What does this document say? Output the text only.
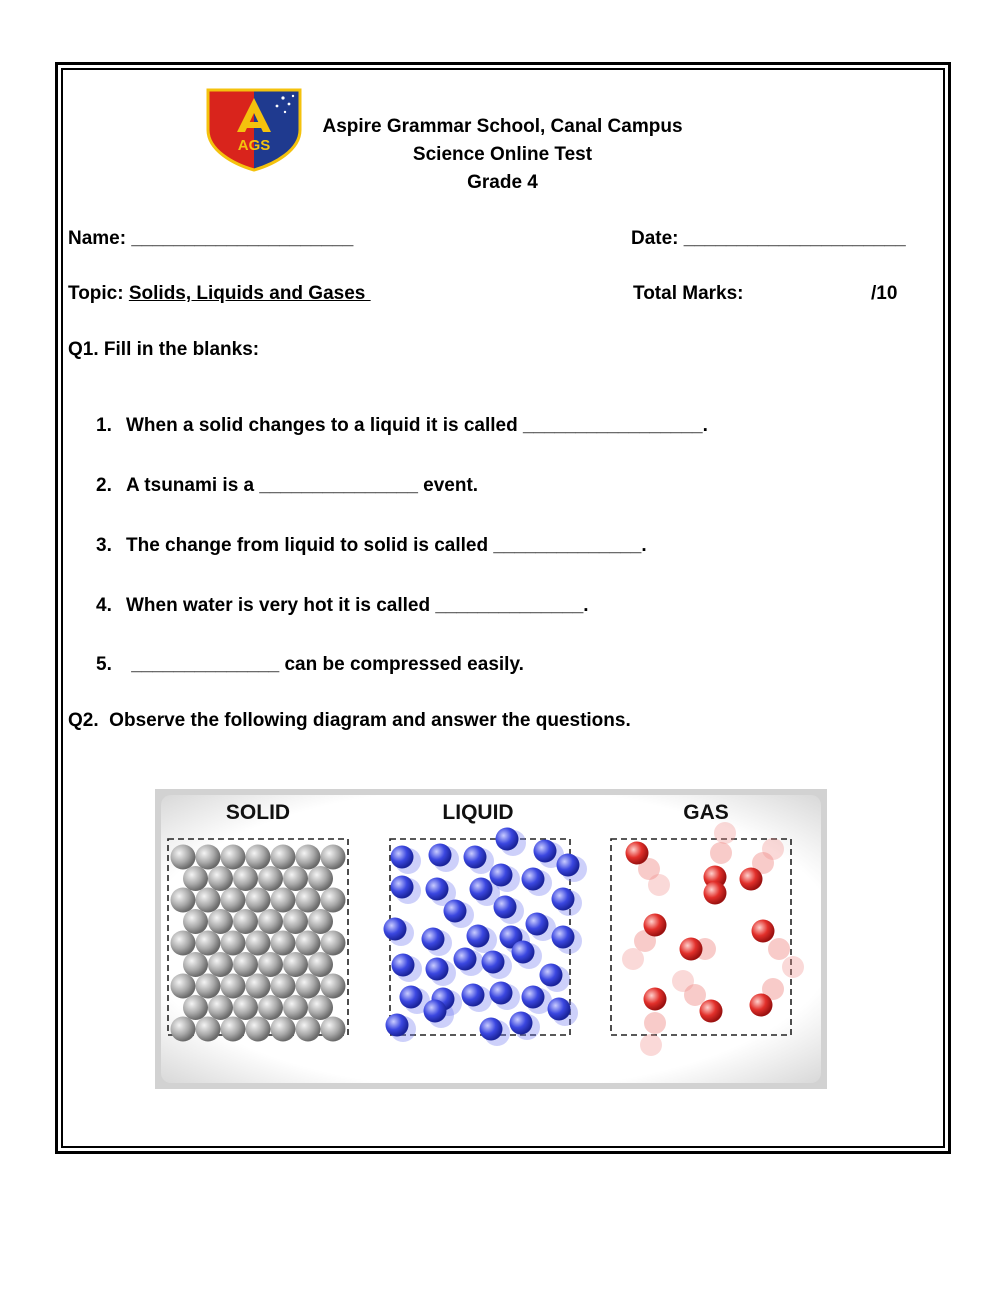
AGS
Aspire Grammar School, Canal Campus
Science Online Test
Grade 4
Name: _____________________	Date: _____________________
Topic: Solids, Liquids and Gases	Total Marks:	/10
Q1. Fill in the blanks:
1. When a solid changes to a liquid it is called _________________.
2. A tsunami is a _______________ event.
3. The change from liquid to solid is called ______________.
4. When water is very hot it is called ______________.
5. ______________ can be compressed easily.
Q2.  Observe the following diagram and answer the questions.
SOLID	LIQUID	GAS
